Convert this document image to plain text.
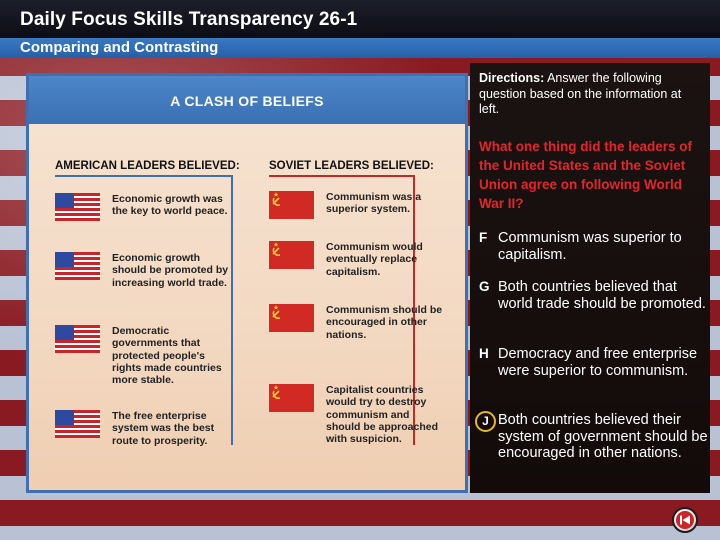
Daily Focus Skills Transparency 26-1
Comparing and Contrasting
A CLASH OF BELIEFS
AMERICAN LEADERS BELIEVED:	SOVIET LEADERS BELIEVED:
Economic growth was the key to world peace.
Economic growth should be promoted by increasing world trade.
Democratic governments that protected people's rights made countries more stable.
The free enterprise system was the best route to prosperity.
Communism was a superior system.
Communism would eventually replace capitalism.
Communism should be encouraged in other nations.
Capitalist countries would try to destroy communism and should be approached with suspicion.
Directions: Answer the following question based on the information at left.
What one thing did the leaders of the United States and the Soviet Union agree on following World War II?
F Communism was superior to capitalism.
G Both countries believed that world trade should be promoted.
H Democracy and free enterprise were superior to communism.
J Both countries believed their system of government should be encouraged in other nations.
